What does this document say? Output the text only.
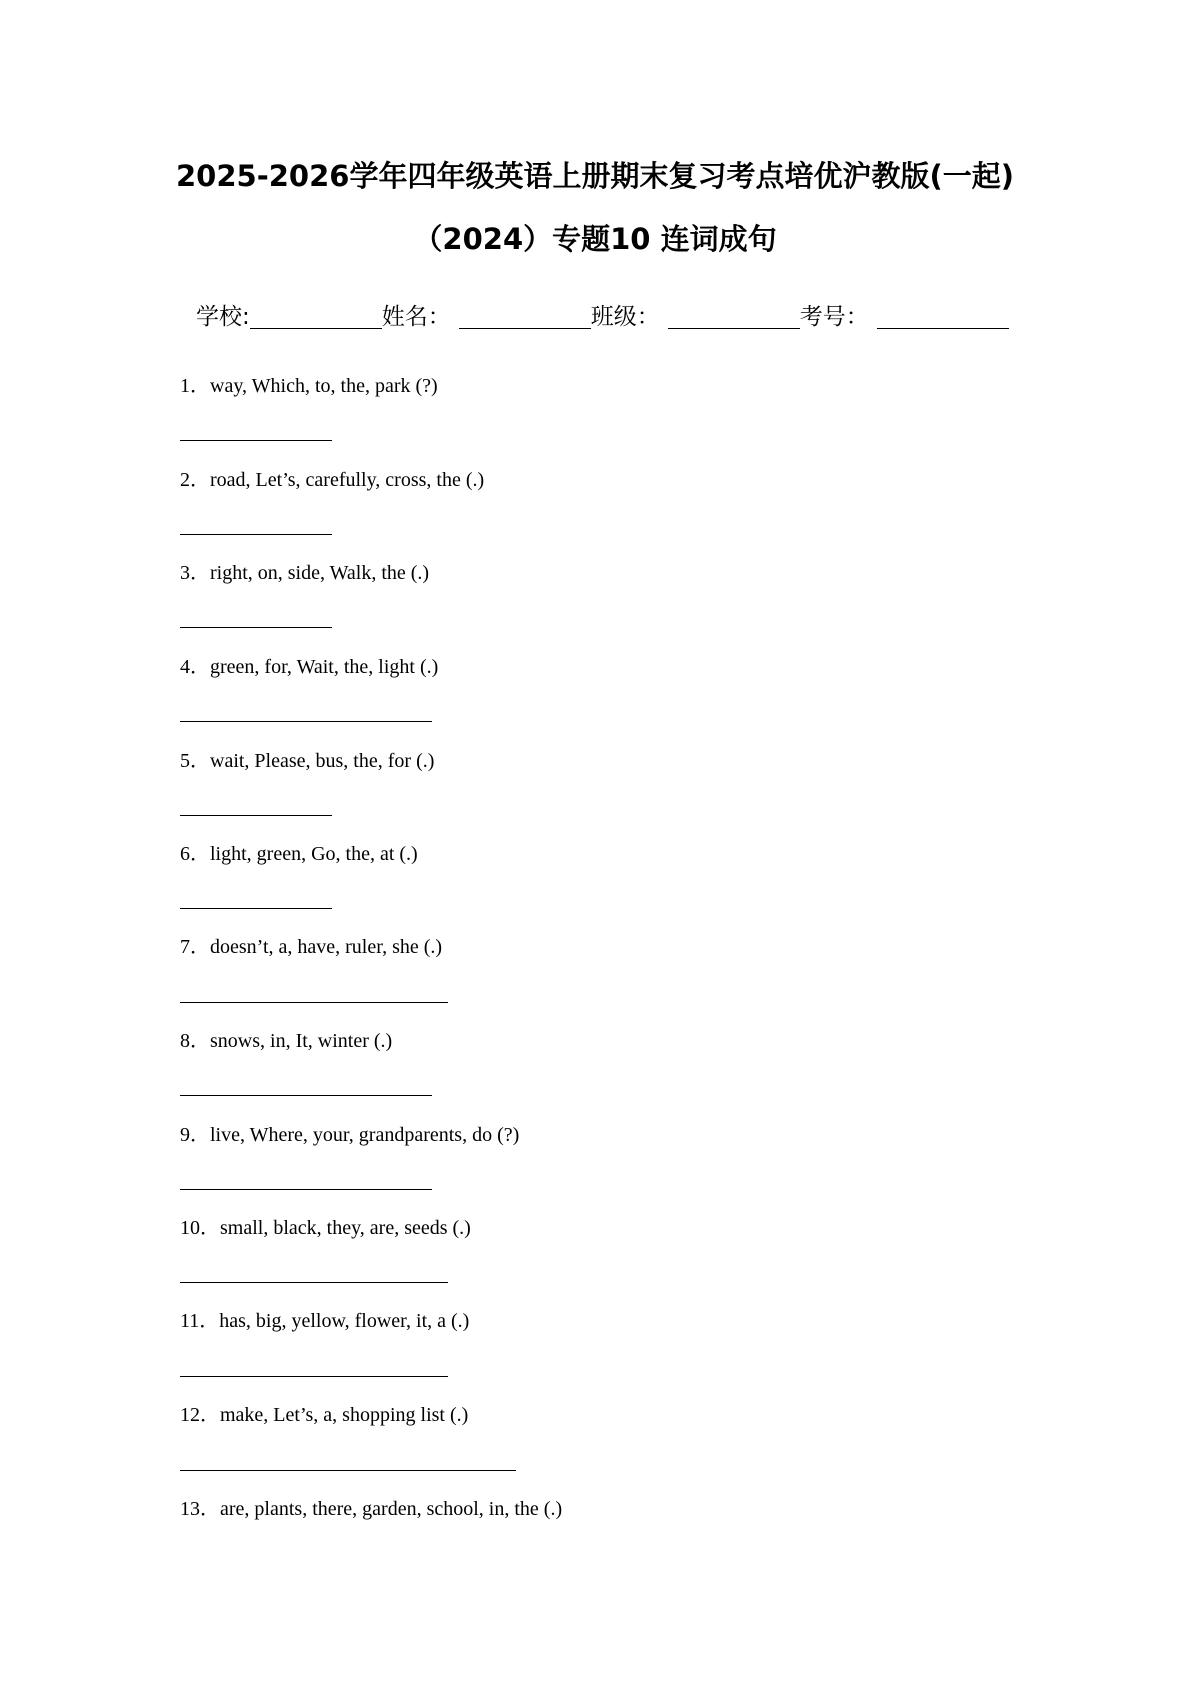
2025-2026学年四年级英语上册期末复习考点培优沪教版(一起)
（2024）专题10 连词成句
学校:	姓名：	班级：	考号：
1．way, Which, to, the, park (?)
2．road, Let’s, carefully, cross, the (.)
3．right, on, side, Walk, the (.)
4．green, for, Wait, the, light (.)
5．wait, Please, bus, the, for (.)
6．light, green, Go, the, at (.)
7．doesn’t, a, have, ruler, she (.)
8．snows, in, It, winter (.)
9．live, Where, your, grandparents, do (?)
10．small, black, they, are, seeds (.)
11．has, big, yellow, flower, it, a (.)
12．make, Let’s, a, shopping list (.)
13．are, plants, there, garden, school, in, the (.)
